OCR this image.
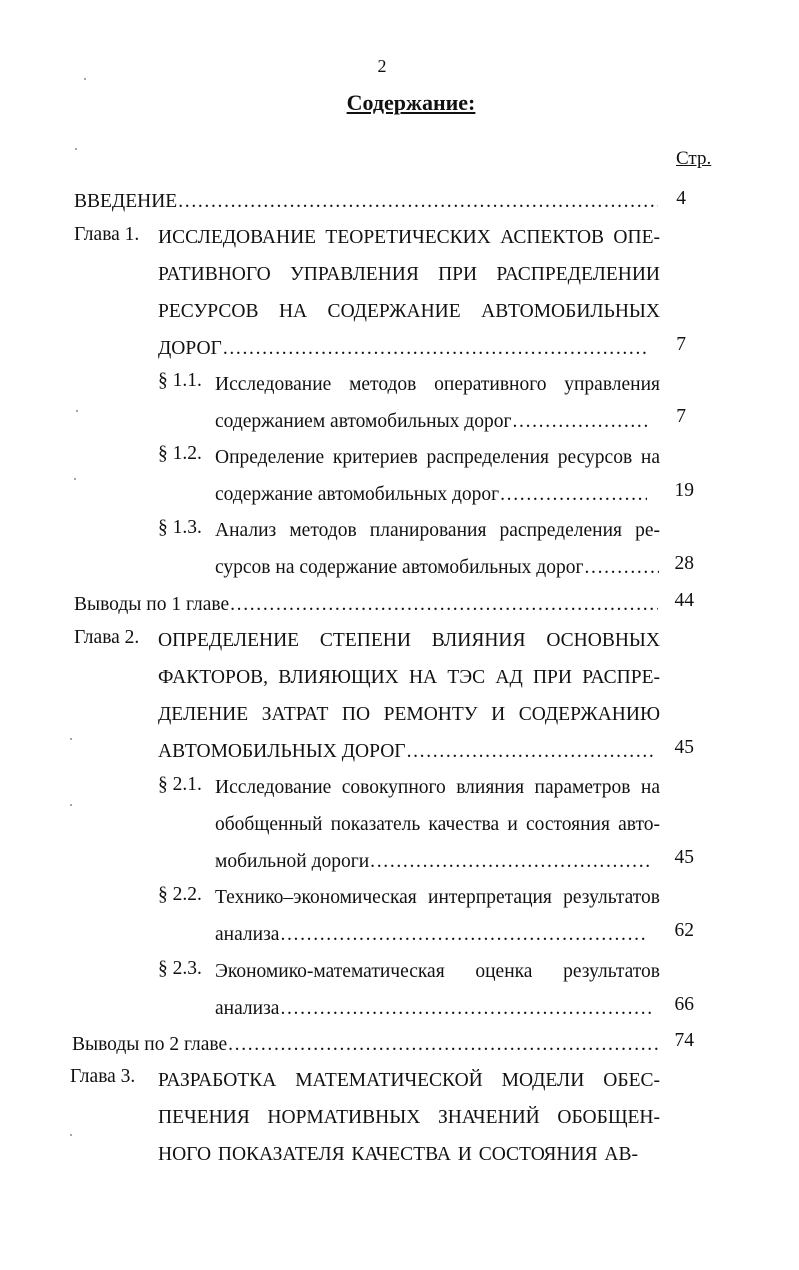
2
Содержание:
Стр.
ВВЕДЕНИЕ . . .	4
Глава 1. ИССЛЕДОВАНИЕ ТЕОРЕТИЧЕСКИХ АСПЕКТОВ ОПЕ-
РАТИВНОГО УПРАВЛЕНИЯ ПРИ РАСПРЕДЕЛЕНИИ
РЕСУРСОВ НА СОДЕРЖАНИЕ АВТОМОБИЛЬНЫХ
ДОРОГ . . .	7
§ 1.1. Исследование методов оперативного управления
содержанием автомобильных дорог . . .	7
§ 1.2. Определение критериев распределения ресурсов на
содержание автомобильных дорог . . .	19
§ 1.3. Анализ методов планирования распределения ре-
сурсов на содержание автомобильных дорог . . .	28
Выводы по 1 главе . . .	44
Глава 2. ОПРЕДЕЛЕНИЕ СТЕПЕНИ ВЛИЯНИЯ ОСНОВНЫХ
ФАКТОРОВ, ВЛИЯЮЩИХ НА ТЭС АД ПРИ РАСПРЕ-
ДЕЛЕНИЕ ЗАТРАТ ПО РЕМОНТУ И СОДЕРЖАНИЮ
АВТОМОБИЛЬНЫХ ДОРОГ . . .	45
§ 2.1. Исследование совокупного влияния параметров на
обобщенный показатель качества и состояния авто-
мобильной дороги . . .	45
§ 2.2. Технико–экономическая интерпретация результатов
анализа . . .	62
§ 2.3. Экономико-математическая оценка результатов
анализа . . .	66
Выводы по 2 главе . . .	74
Глава 3. РАЗРАБОТКА МАТЕМАТИЧЕСКОЙ МОДЕЛИ ОБЕС-
ПЕЧЕНИЯ НОРМАТИВНЫХ ЗНАЧЕНИЙ ОБОБЩЕН-
НОГО ПОКАЗАТЕЛЯ КАЧЕСТВА И СОСТОЯНИЯ АВ-
